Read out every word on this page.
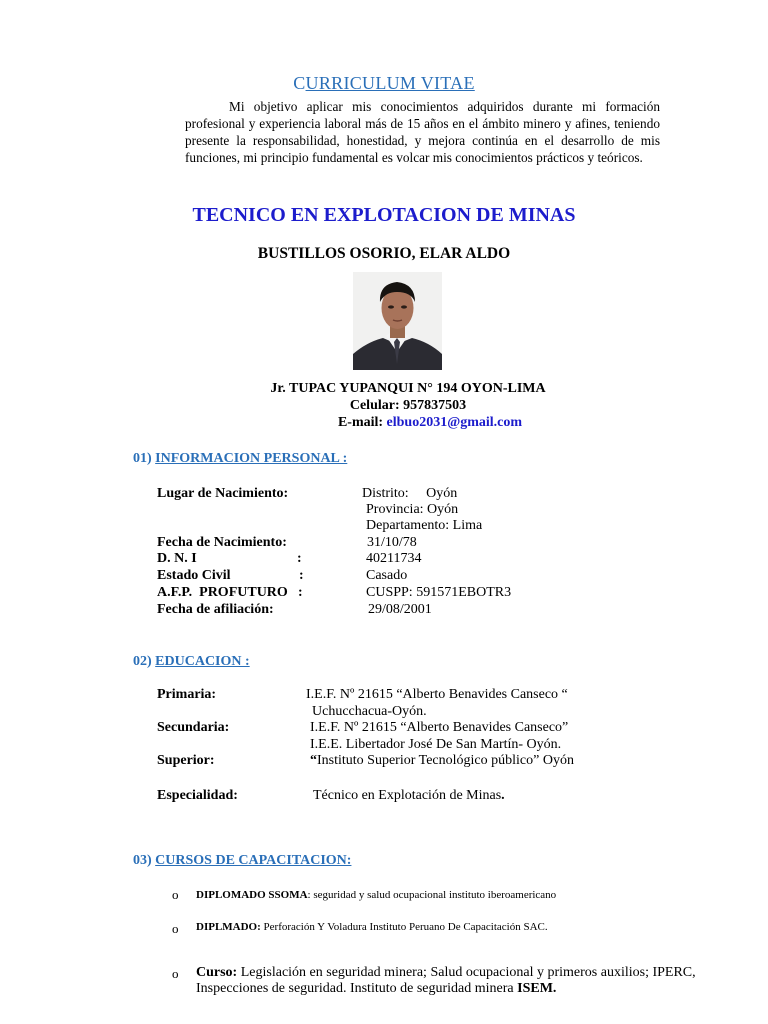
CURRICULUM VITAE
Mi objetivo aplicar mis conocimientos adquiridos durante mi formación profesional y experiencia laboral más de 15 años en el ámbito minero y afines, teniendo presente la responsabilidad, honestidad, y mejora continúa en el desarrollo de mis funciones, mi principio fundamental es volcar mis conocimientos prácticos y teóricos.
TECNICO EN EXPLOTACION DE MINAS
BUSTILLOS OSORIO, ELAR ALDO
Jr. TUPAC YUPANQUI N° 194 OYON-LIMA
Celular: 957837503
E-mail: elbuo2031@gmail.com
01) INFORMACION PERSONAL :
Lugar de Nacimiento:	Distrito:     Oyón
Provincia: Oyón
Departamento: Lima
Fecha de Nacimiento:	31/10/78
D. N. I	:	40211734
Estado Civil	:	Casado
A.F.P.  PROFUTURO :	CUSPP: 591571EBOTR3
Fecha de afiliación:	29/08/2001
02) EDUCACION :
Primaria:	I.E.F. Nº 21615 “Alberto Benavides Canseco “
Uchucchacua-Oyón.
Secundaria:	I.E.F. Nº 21615 “Alberto Benavides Canseco”
I.E.E. Libertador José De San Martín- Oyón.
Superior:	“Instituto Superior Tecnológico público” Oyón
Especialidad:	Técnico en Explotación de Minas.
03) CURSOS DE CAPACITACION:
o DIPLOMADO SSOMA: seguridad y salud ocupacional instituto iberoamericano
o DIPLMADO: Perforación Y Voladura Instituto Peruano De Capacitación SAC.
o Curso: Legislación en seguridad minera; Salud ocupacional y primeros auxilios; IPERC, Inspecciones de seguridad. Instituto de seguridad minera ISEM.
